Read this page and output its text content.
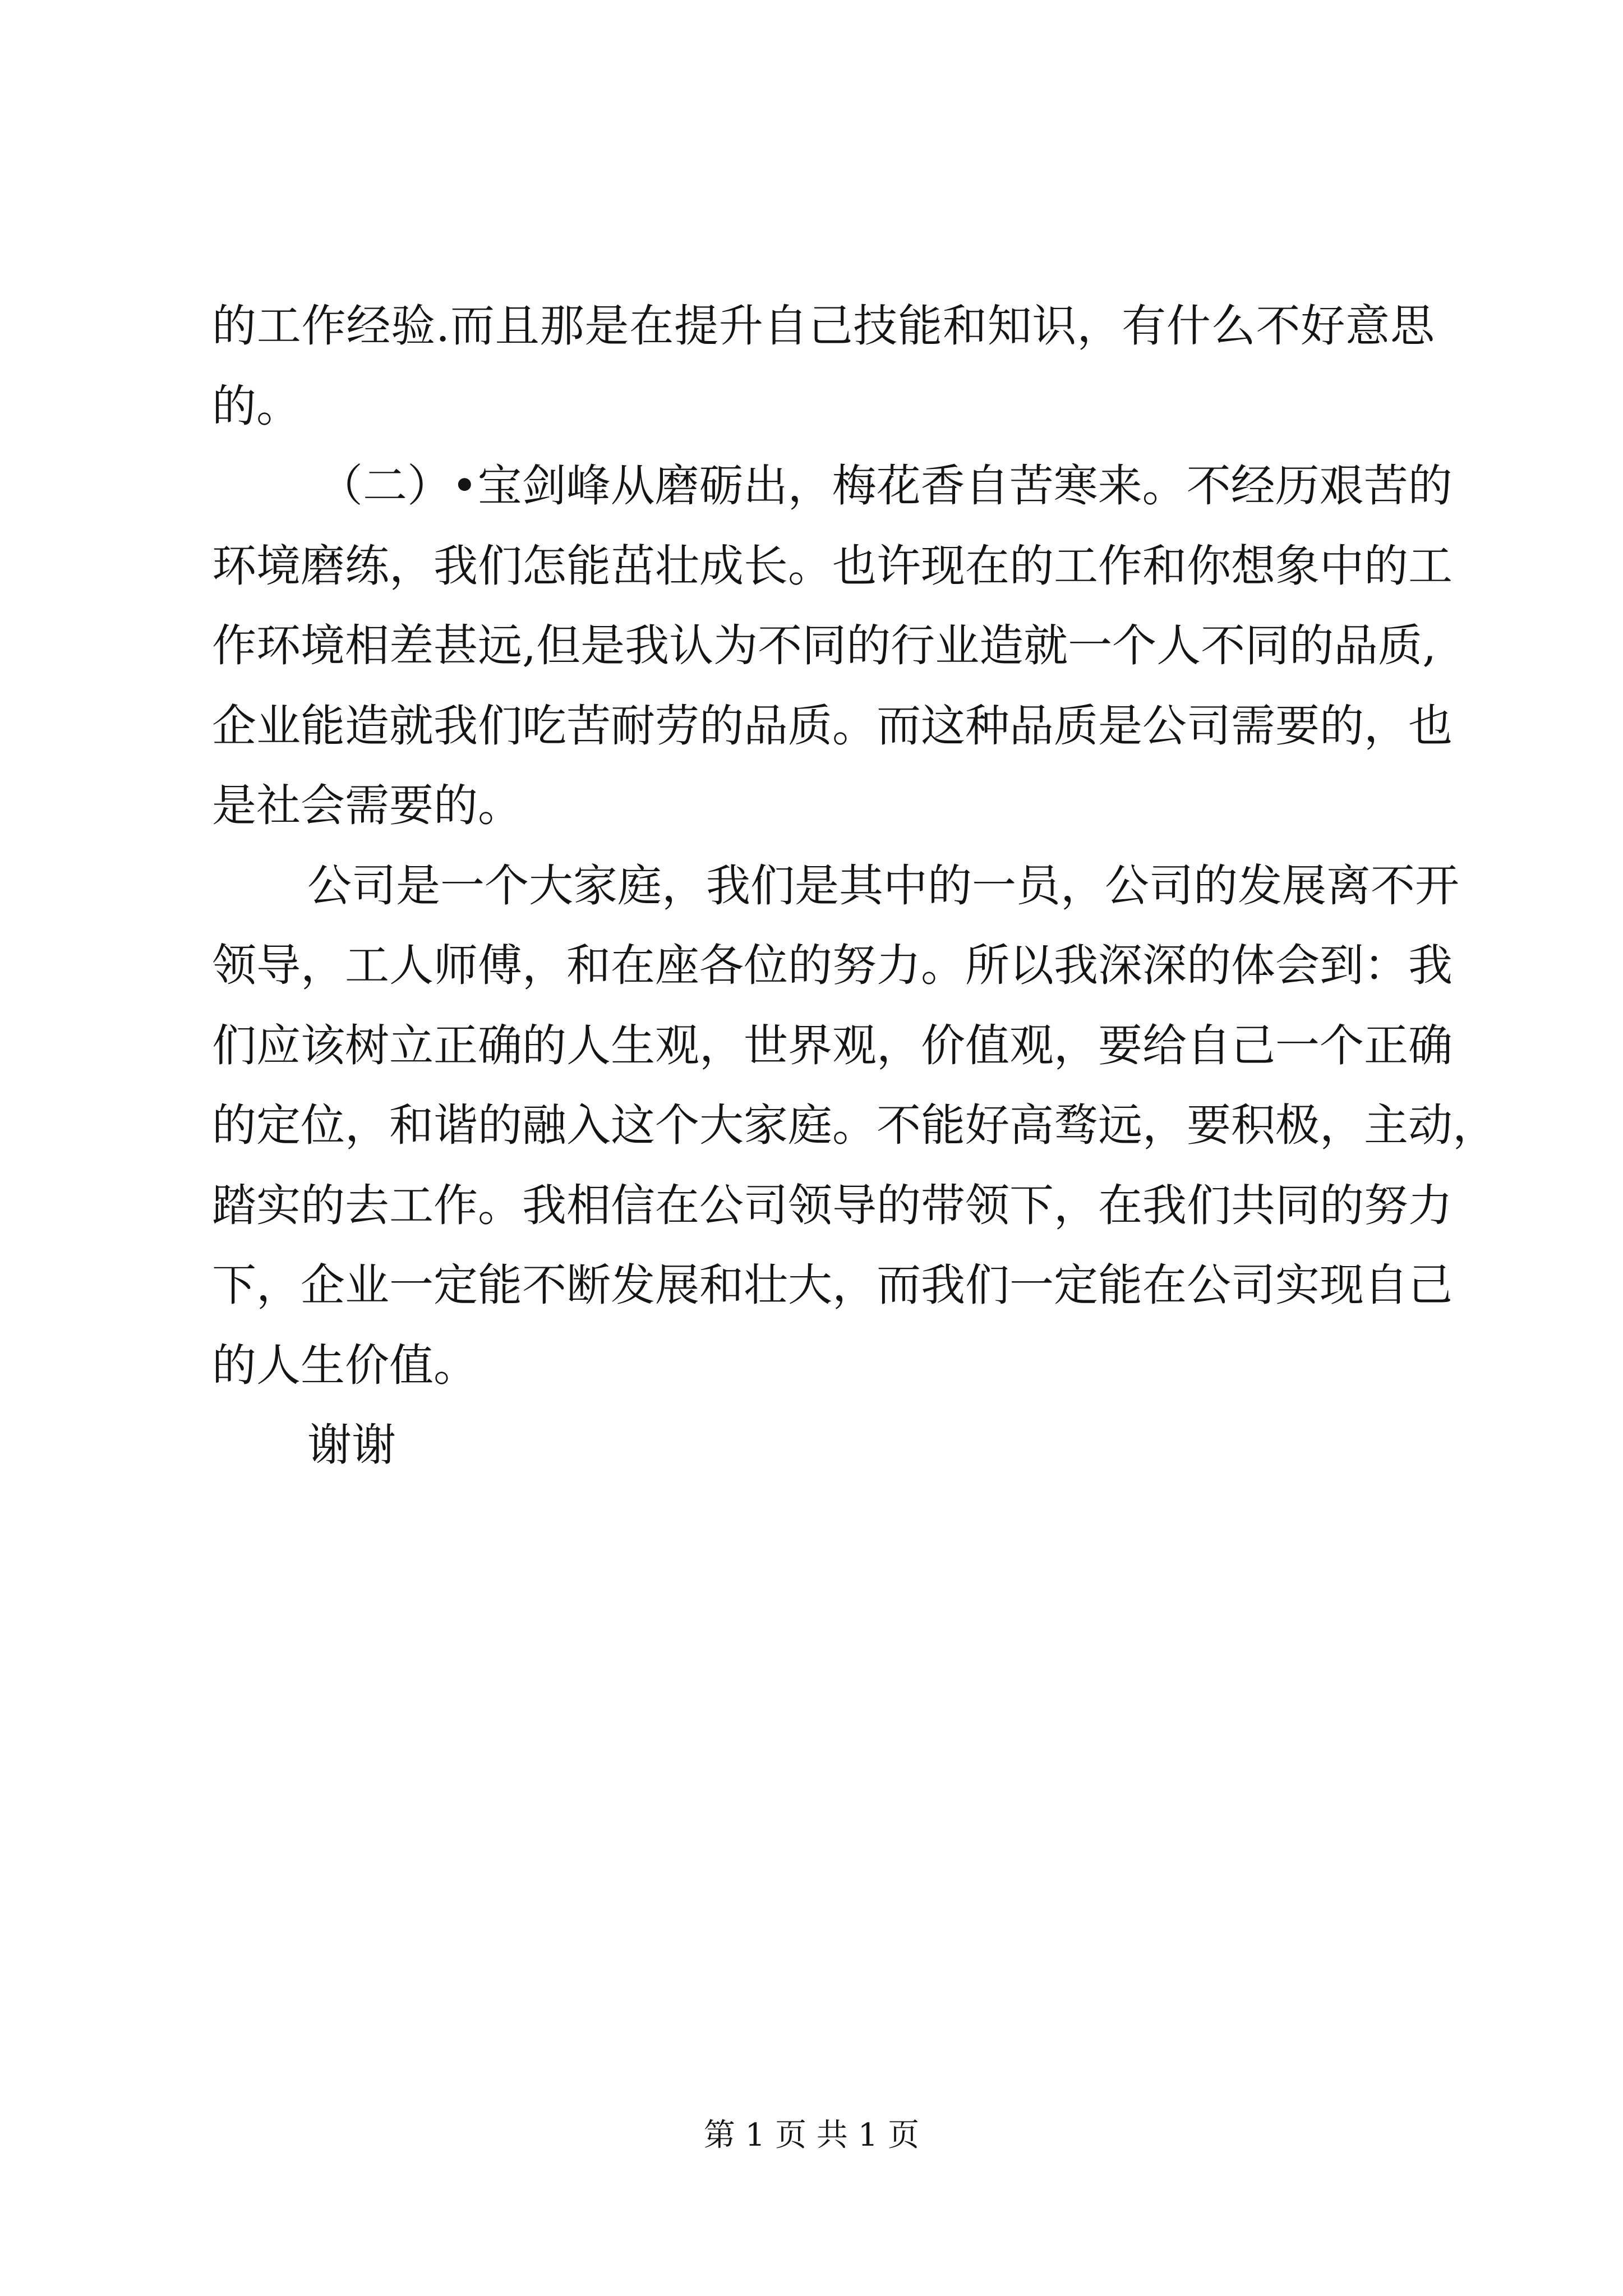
的工作经验.而且那是在提升自己技能和知识，有什么不好意思
的。
（二）•宝剑峰从磨砺出，梅花香自苦寒来。不经历艰苦的
环境磨练，我们怎能茁壮成长。也许现在的工作和你想象中的工
作环境相差甚远,但是我认为不同的行业造就一个人不同的品质,
企业能造就我们吃苦耐劳的品质。而这种品质是公司需要的，也
是社会需要的。
公司是一个大家庭，我们是其中的一员，公司的发展离不开
领导，工人师傅，和在座各位的努力。所以我深深的体会到：我
们应该树立正确的人生观，世界观，价值观，要给自己一个正确
的定位，和谐的融入这个大家庭。不能好高骛远，要积极，主动，
踏实的去工作。我相信在公司领导的带领下，在我们共同的努力
下，企业一定能不断发展和壮大，而我们一定能在公司实现自己
的人生价值。
谢谢
第 1 页 共 1 页
